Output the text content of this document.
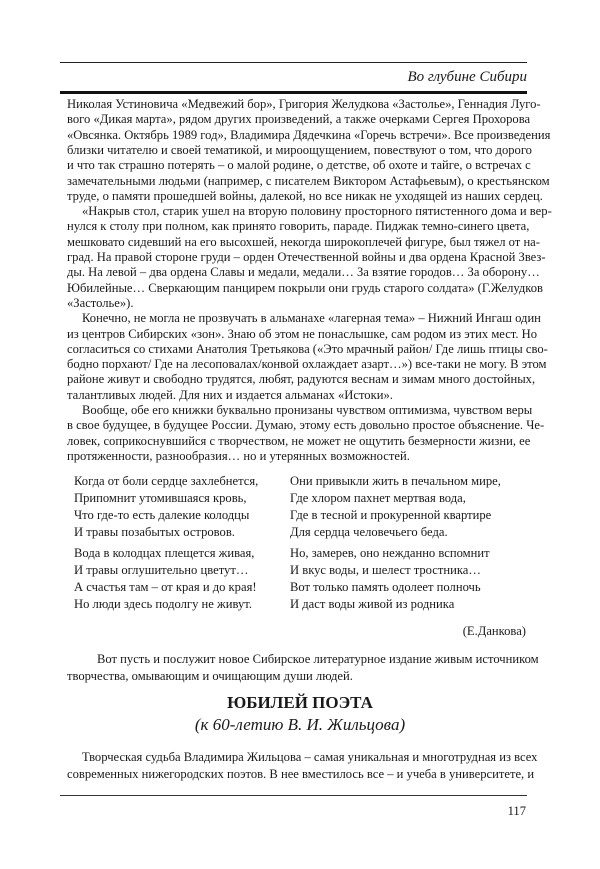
Во глубине Сибири
Николая Устиновича «Медвежий бор», Григория Желудкова «Застолье», Геннадия Луго-
вого «Дикая марта», рядом других произведений, а также очерками Сергея Прохорова
«Овсянка. Октябрь 1989 год», Владимира Дядечкина «Горечь встречи». Все произведения
близки читателю и своей тематикой, и мироощущением, повествуют о том, что дорого
и что так страшно потерять – о малой родине, о детстве, об охоте и тайге, о встречах с
замечательными людьми (например, с писателем Виктором Астафьевым), о крестьянском
труде, о памяти прошедшей войны, далекой, но все никак не уходящей из наших сердец.
«Накрыв стол, старик ушел на вторую половину просторного пятистенного дома и вер-
нулся к столу при полном, как принято говорить, параде. Пиджак темно-синего цвета,
мешковато сидевший на его высохшей, некогда широкоплечей фигуре, был тяжел от на-
град. На правой стороне груди – орден Отечественной войны и два ордена Красной Звез-
ды. На левой – два ордена Славы и медали, медали… За взятие городов… За оборону…
Юбилейные… Сверкающим панцирем покрыли они грудь старого солдата» (Г.Желудков
«Застолье»).
Конечно, не могла не прозвучать в альманахе «лагерная тема» – Нижний Ингаш один
из центров Сибирских «зон». Знаю об этом не понаслышке, сам родом из этих мест. Но
согласиться со стихами Анатолия Третьякова («Это мрачный район/ Где лишь птицы сво-
бодно порхают/ Где на лесоповалах/конвой охлаждает азарт…») все-таки не могу. В этом
районе живут и свободно трудятся, любят, радуются веснам и зимам много достойных,
талантливых людей. Для них и издается альманах «Истоки».
Вообще, обе его книжки буквально пронизаны чувством оптимизма, чувством веры
в свое будущее, в будущее России. Думаю, этому есть довольно простое объяснение. Че-
ловек, соприкоснувшийся с творчеством, не может не ощутить безмерности жизни, ее
протяженности, разнообразия… но и утерянных возможностей.
Когда от боли сердце захлебнется,
Припомнит утомившаяся кровь,
Что где-то есть далекие колодцы
И травы позабытых островов.
Вода в колодцах плещется живая,
И травы оглушительно цветут…
А счастья там – от края и до края!
Но люди здесь подолгу не живут.
Они привыкли жить в печальном мире,
Где хлором пахнет мертвая вода,
Где в тесной и прокуренной квартире
Для сердца человечьего беда.
Но, замерев, оно нежданно вспомнит
И вкус воды, и шелест тростника…
Вот только память одолеет полночь
И даст воды живой из родника
Вот пусть и послужит новое Сибирское литературное издание живым источником
творчества, омывающим и очищающим души людей.
Творческая судьба Владимира Жильцова – самая уникальная и многотрудная из всех
современных нижегородских поэтов. В нее вместилось все – и учеба в университете, и
(Е.Данкова)
ЮБИЛЕЙ ПОЭТА
(к 60-летию В. И. Жильцова)
117
